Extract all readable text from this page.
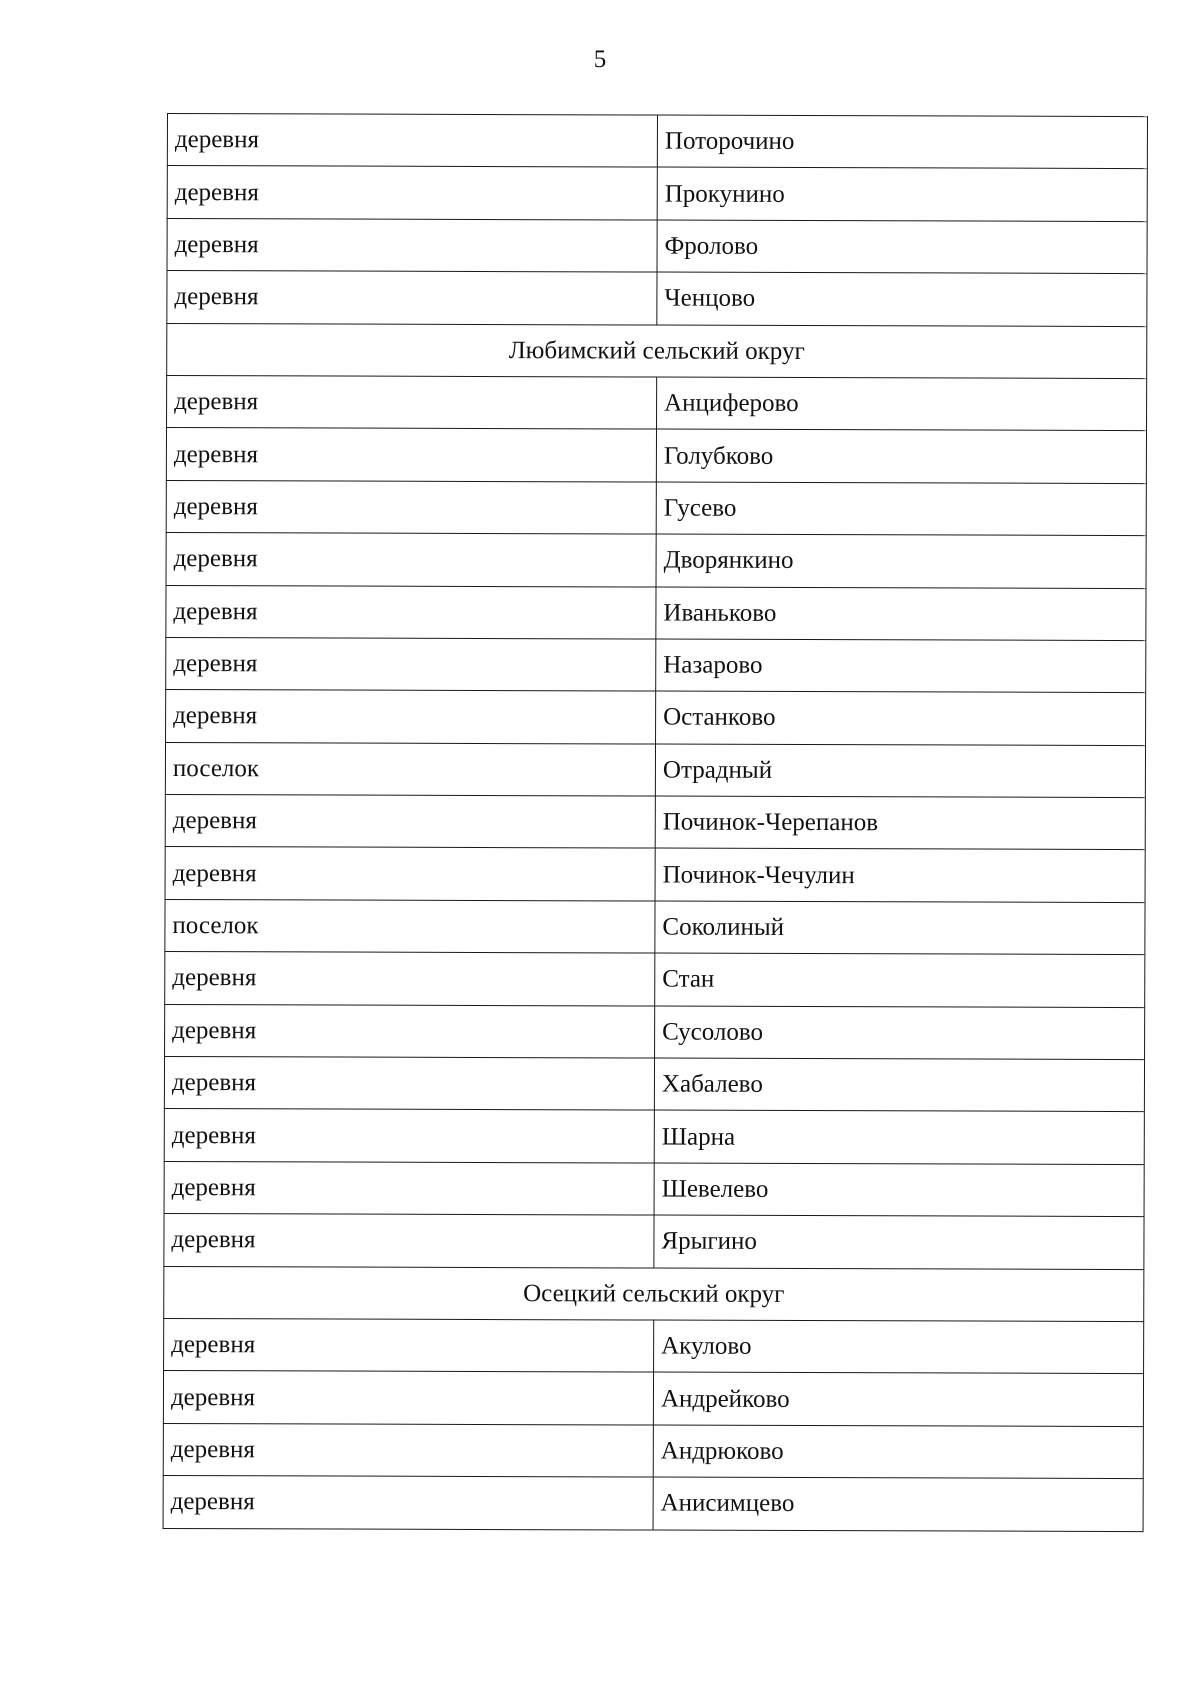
5
деревня	Поторочино
деревня	Прокунино
деревня	Фролово
деревня	Ченцово
Любимский сельский округ	
деревня	Анциферово
деревня	Голубково
деревня	Гусево
деревня	Дворянкино
деревня	Иваньково
деревня	Назарово
деревня	Останково
поселок	Отрадный
деревня	Починок-Черепанов
деревня	Починок-Чечулин
поселок	Соколиный
деревня	Стан
деревня	Сусолово
деревня	Хабалево
деревня	Шарна
деревня	Шевелево
деревня	Ярыгино
Осецкий сельский округ	
деревня	Акулово
деревня	Андрейково
деревня	Андрюково
деревня	Анисимцево
